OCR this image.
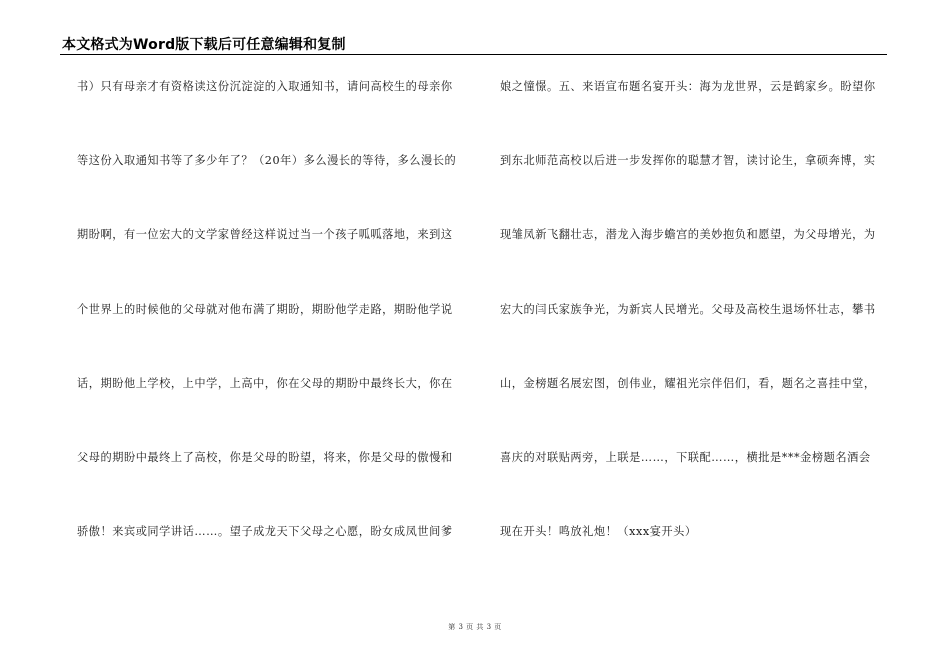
本文格式为Word版下载后可任意编辑和复制
书）只有母亲才有资格读这份沉淀淀的入取通知书，请问高校生的母亲你
等这份入取通知书等了多少年了？（20年）多么漫长的等待，多么漫长的
期盼啊，有一位宏大的文学家曾经这样说过当一个孩子呱呱落地，来到这
个世界上的时候他的父母就对他布满了期盼，期盼他学走路，期盼他学说
话，期盼他上学校，上中学，上高中，你在父母的期盼中最终长大，你在
父母的期盼中最终上了高校，你是父母的盼望，将来，你是父母的傲慢和
骄傲！来宾或同学讲话……。望子成龙天下父母之心愿，盼女成凤世间爹
娘之憧憬。五、来语宣布题名宴开头：海为龙世界，云是鹤家乡。盼望你
到东北师范高校以后进一步发挥你的聪慧才智，读讨论生，拿硕奔博，实
现雏凤新飞翻壮志，潜龙入海步蟾宫的美妙抱负和愿望，为父母增光，为
宏大的闫氏家族争光，为新宾人民增光。父母及高校生退场怀壮志，攀书
山，金榜题名展宏图，创伟业，耀祖光宗伴侣们，看，题名之喜挂中堂，
喜庆的对联贴两旁，上联是……，下联配……，横批是***金榜题名酒会
现在开头！鸣放礼炮！（xxx宴开头）
第 3 页 共 3 页
